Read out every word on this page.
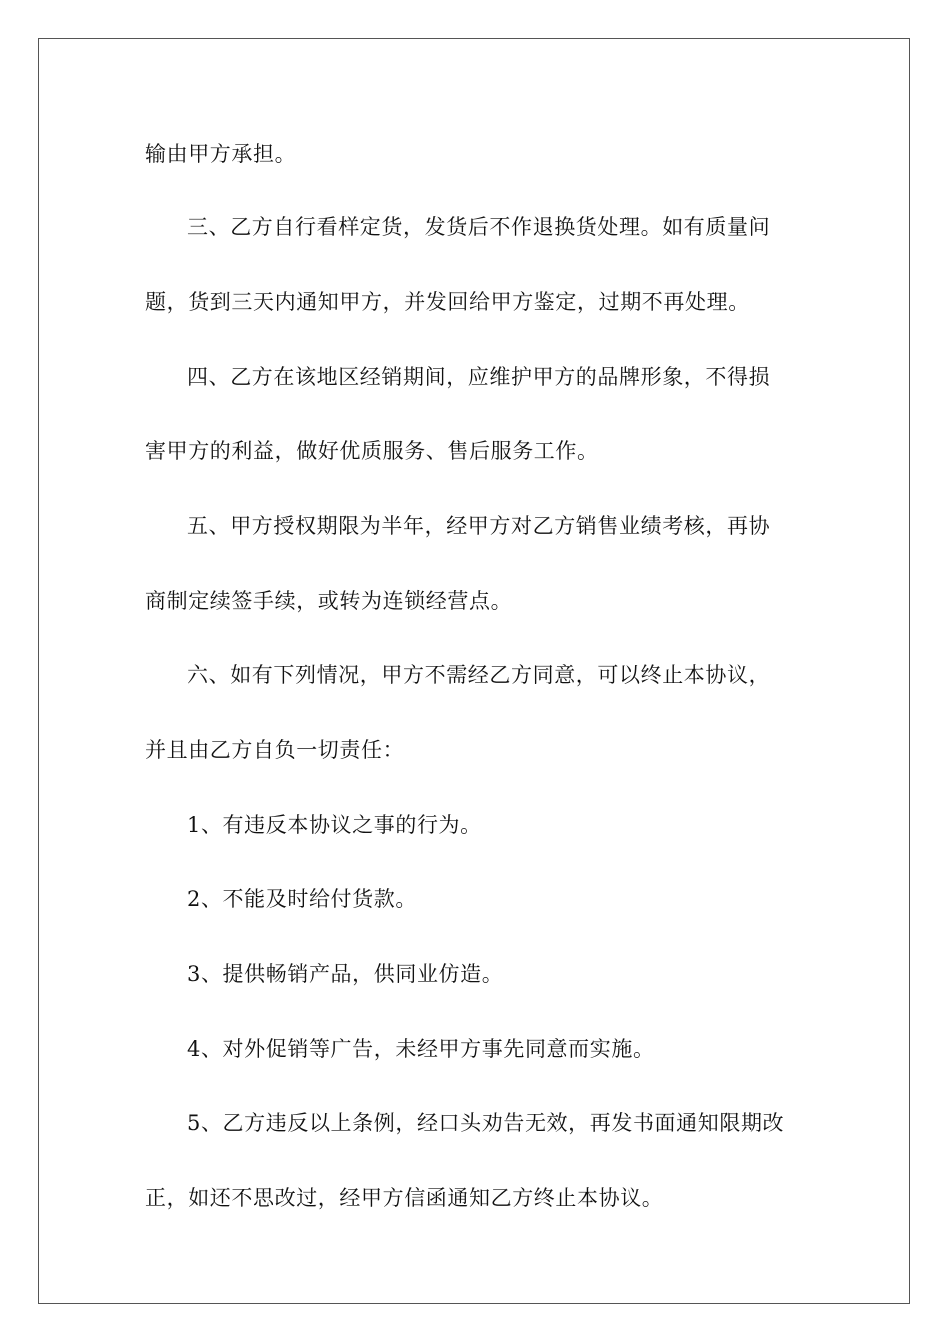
输由甲方承担。
三、乙方自行看样定货，发货后不作退换货处理。如有质量问
题，货到三天内通知甲方，并发回给甲方鉴定，过期不再处理。
四、乙方在该地区经销期间，应维护甲方的品牌形象，不得损
害甲方的利益，做好优质服务、售后服务工作。
五、甲方授权期限为半年，经甲方对乙方销售业绩考核，再协
商制定续签手续，或转为连锁经营点。
六、如有下列情况，甲方不需经乙方同意，可以终止本协议，
并且由乙方自负一切责任：
1、有违反本协议之事的行为。
2、不能及时给付货款。
3、提供畅销产品，供同业仿造。
4、对外促销等广告，未经甲方事先同意而实施。
5、乙方违反以上条例，经口头劝告无效，再发书面通知限期改
正，如还不思改过，经甲方信函通知乙方终止本协议。
